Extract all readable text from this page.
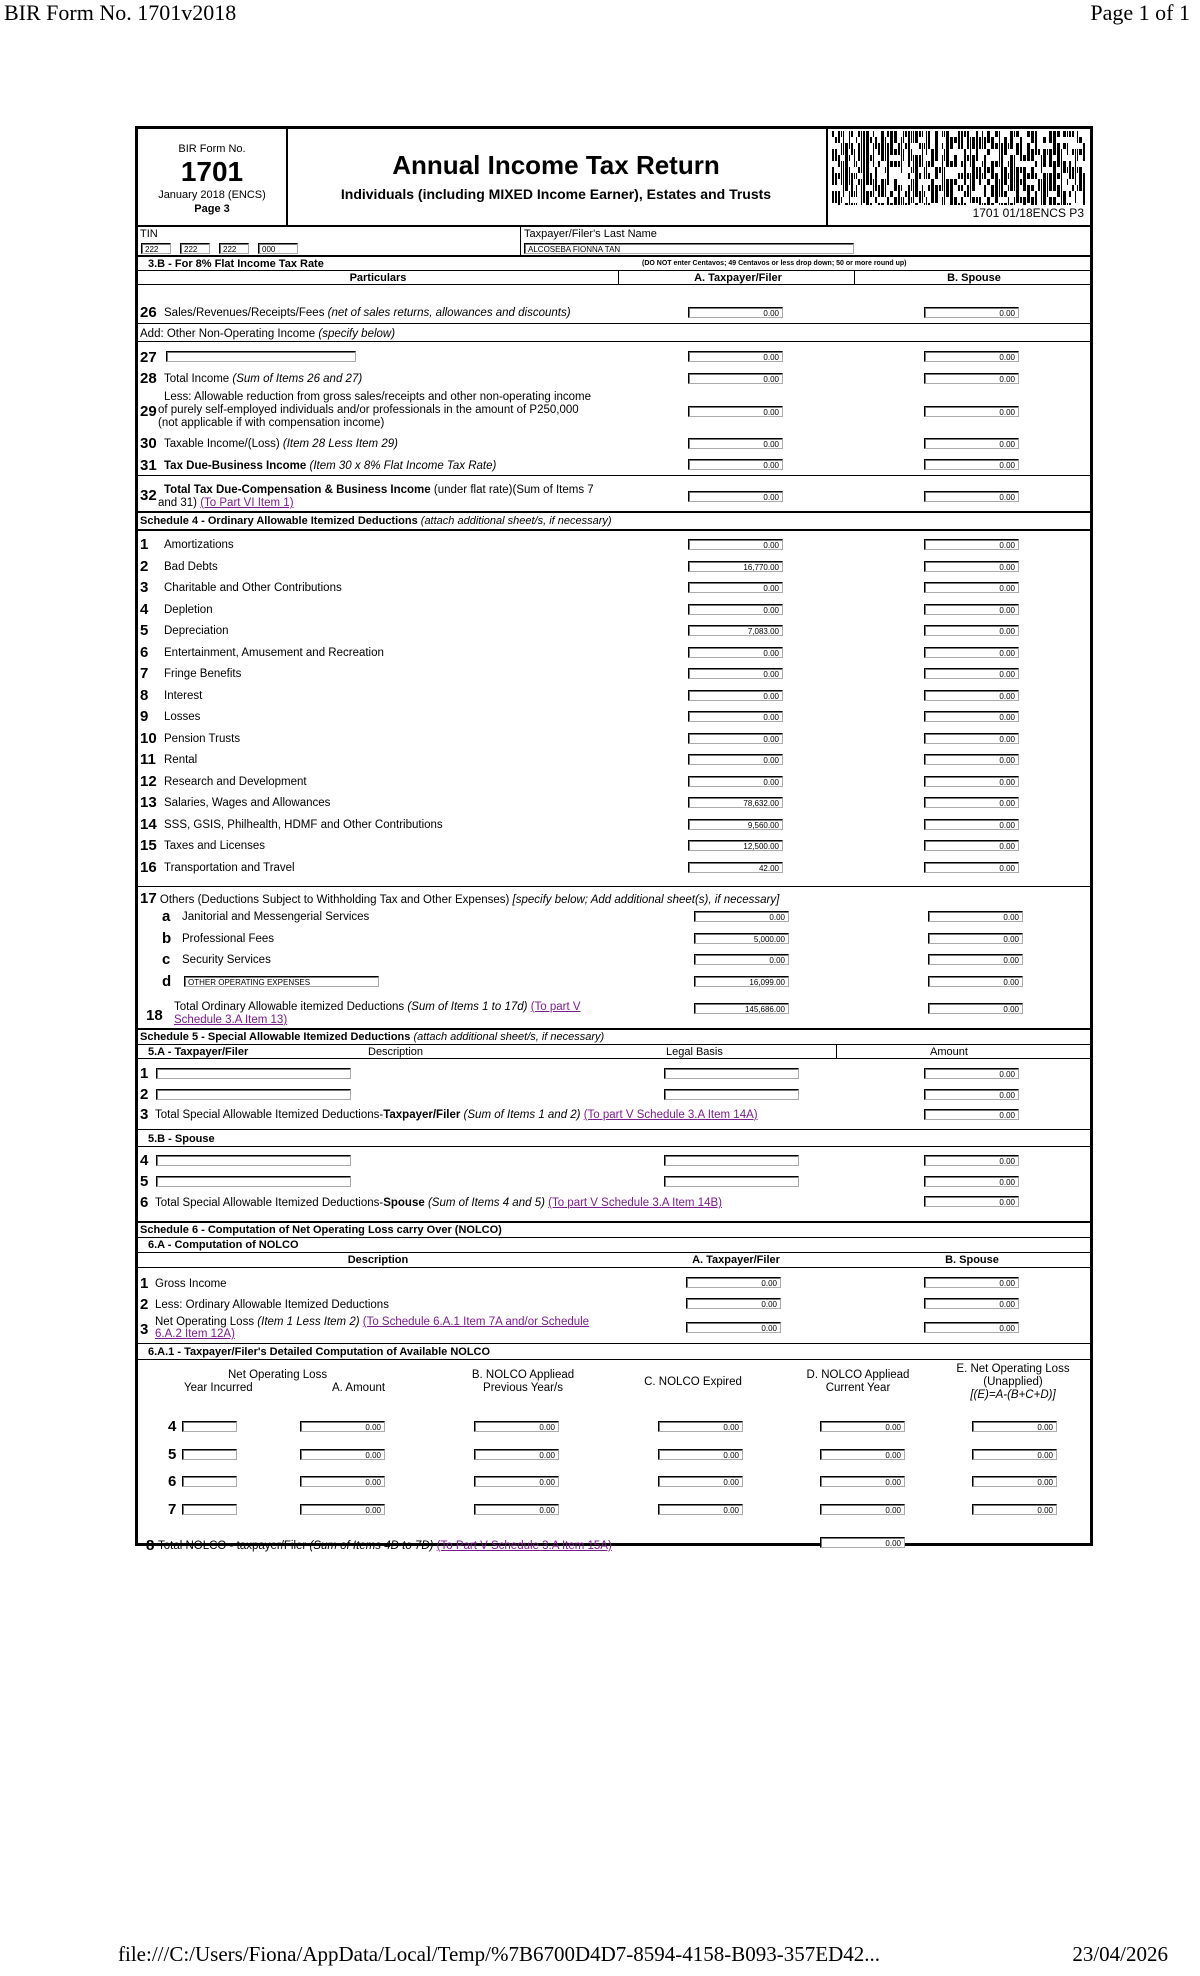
BIR Form No. 1701v2018	Page 1 of 1
BIR Form No.
1701
January 2018 (ENCS)
Page 3
Annual Income Tax Return
Individuals (including MIXED Income Earner), Estates and Trusts
1701 01/18ENCS P3
TIN
222	222	222	000
Taxpayer/Filer's Last Name
ALCOSEBA FIONNA TAN
3.B - For 8% Flat Income Tax Rate	(DO NOT enter Centavos; 49 Centavos or less drop down; 50 or more round up)
Particulars	A. Taxpayer/Filer	B. Spouse
26 Sales/Revenues/Receipts/Fees (net of sales returns, allowances and discounts)	0.00	0.00
Add: Other Non-Operating Income (specify below)
27	0.00	0.00
28 Total Income (Sum of Items 26 and 27)	0.00	0.00
29
Less: Allowable reduction from gross sales/receipts and other non-operating income
of purely self-employed individuals and/or professionals in the amount of P250,000
(not applicable if with compensation income)
0.00	0.00
30 Taxable Income/(Loss) (Item 28 Less Item 29)	0.00	0.00
31 Tax Due-Business Income (Item 30 x 8% Flat Income Tax Rate)	0.00	0.00
32 Total Tax Due-Compensation & Business Income (under flat rate)(Sum of Items 7
and 31) (To Part VI Item 1)	0.00	0.00
Schedule 4 - Ordinary Allowable Itemized Deductions (attach additional sheet/s, if necessary)
1 Amortizations	0.00	0.00
2 Bad Debts	16,770.00	0.00
3 Charitable and Other Contributions	0.00	0.00
4 Depletion	0.00	0.00
5 Depreciation	7,083.00	0.00
6 Entertainment, Amusement and Recreation	0.00	0.00
7 Fringe Benefits	0.00	0.00
8 Interest	0.00	0.00
9 Losses	0.00	0.00
10 Pension Trusts	0.00	0.00
11 Rental	0.00	0.00
12 Research and Development	0.00	0.00
13 Salaries, Wages and Allowances	78,632.00	0.00
14 SSS, GSIS, Philhealth, HDMF and Other Contributions	9,560.00	0.00
15 Taxes and Licenses	12,500.00	0.00
16 Transportation and Travel	42.00	0.00
17 Others (Deductions Subject to Withholding Tax and Other Expenses) [specify below; Add additional sheet(s), if necessary]
a Janitorial and Messengerial Services	0.00	0.00
b Professional Fees	5,000.00	0.00
c Security Services	0.00	0.00
d	OTHER OPERATING EXPENSES	16,099.00	0.00
18 Total Ordinary Allowable itemized Deductions (Sum of Items 1 to 17d) (To part V
Schedule 3.A Item 13)
145,686.00	0.00
Schedule 5 - Special Allowable Itemized Deductions (attach additional sheet/s, if necessary)
5.A - Taxpayer/Filer	Description	Legal Basis	Amount
1	0.00
2	0.00
3 Total Special Allowable Itemized Deductions-Taxpayer/Filer (Sum of Items 1 and 2) (To part V Schedule 3.A Item 14A)	0.00
5.B - Spouse
4	0.00
5	0.00
6 Total Special Allowable Itemized Deductions-Spouse (Sum of Items 4 and 5) (To part V Schedule 3.A Item 14B)	0.00
Schedule 6 - Computation of Net Operating Loss carry Over (NOLCO)
6.A - Computation of NOLCO
Description	A. Taxpayer/Filer	B. Spouse
1 Gross Income	0.00	0.00
2 Less: Ordinary Allowable Itemized Deductions	0.00	0.00
3 Net Operating Loss (Item 1 Less Item 2) (To Schedule 6.A.1 Item 7A and/or Schedule
6.A.2 Item 12A)	0.00	0.00
6.A.1 - Taxpayer/Filer's Detailed Computation of Available NOLCO
Net Operating Loss
Year Incurred	A. Amount
B. NOLCO Appliead
Previous Year/s	C. NOLCO Expired
D. NOLCO Appliead
Current Year
E. Net Operating Loss
(Unapplied)
[(E)=A-(B+C+D)]
4	0.00	0.00	0.00	0.00	0.00
5	0.00	0.00	0.00	0.00	0.00
6	0.00	0.00	0.00	0.00	0.00
7	0.00	0.00	0.00	0.00	0.00
8 Total NOLCO - taxpayer/Filer (Sum of Items 4D to 7D) (To Part V Schedule 3.A Item 15A)	0.00
file:///C:/Users/Fiona/AppData/Local/Temp/%7B6700D4D7-8594-4158-B093-357ED42...	23/04/2026
